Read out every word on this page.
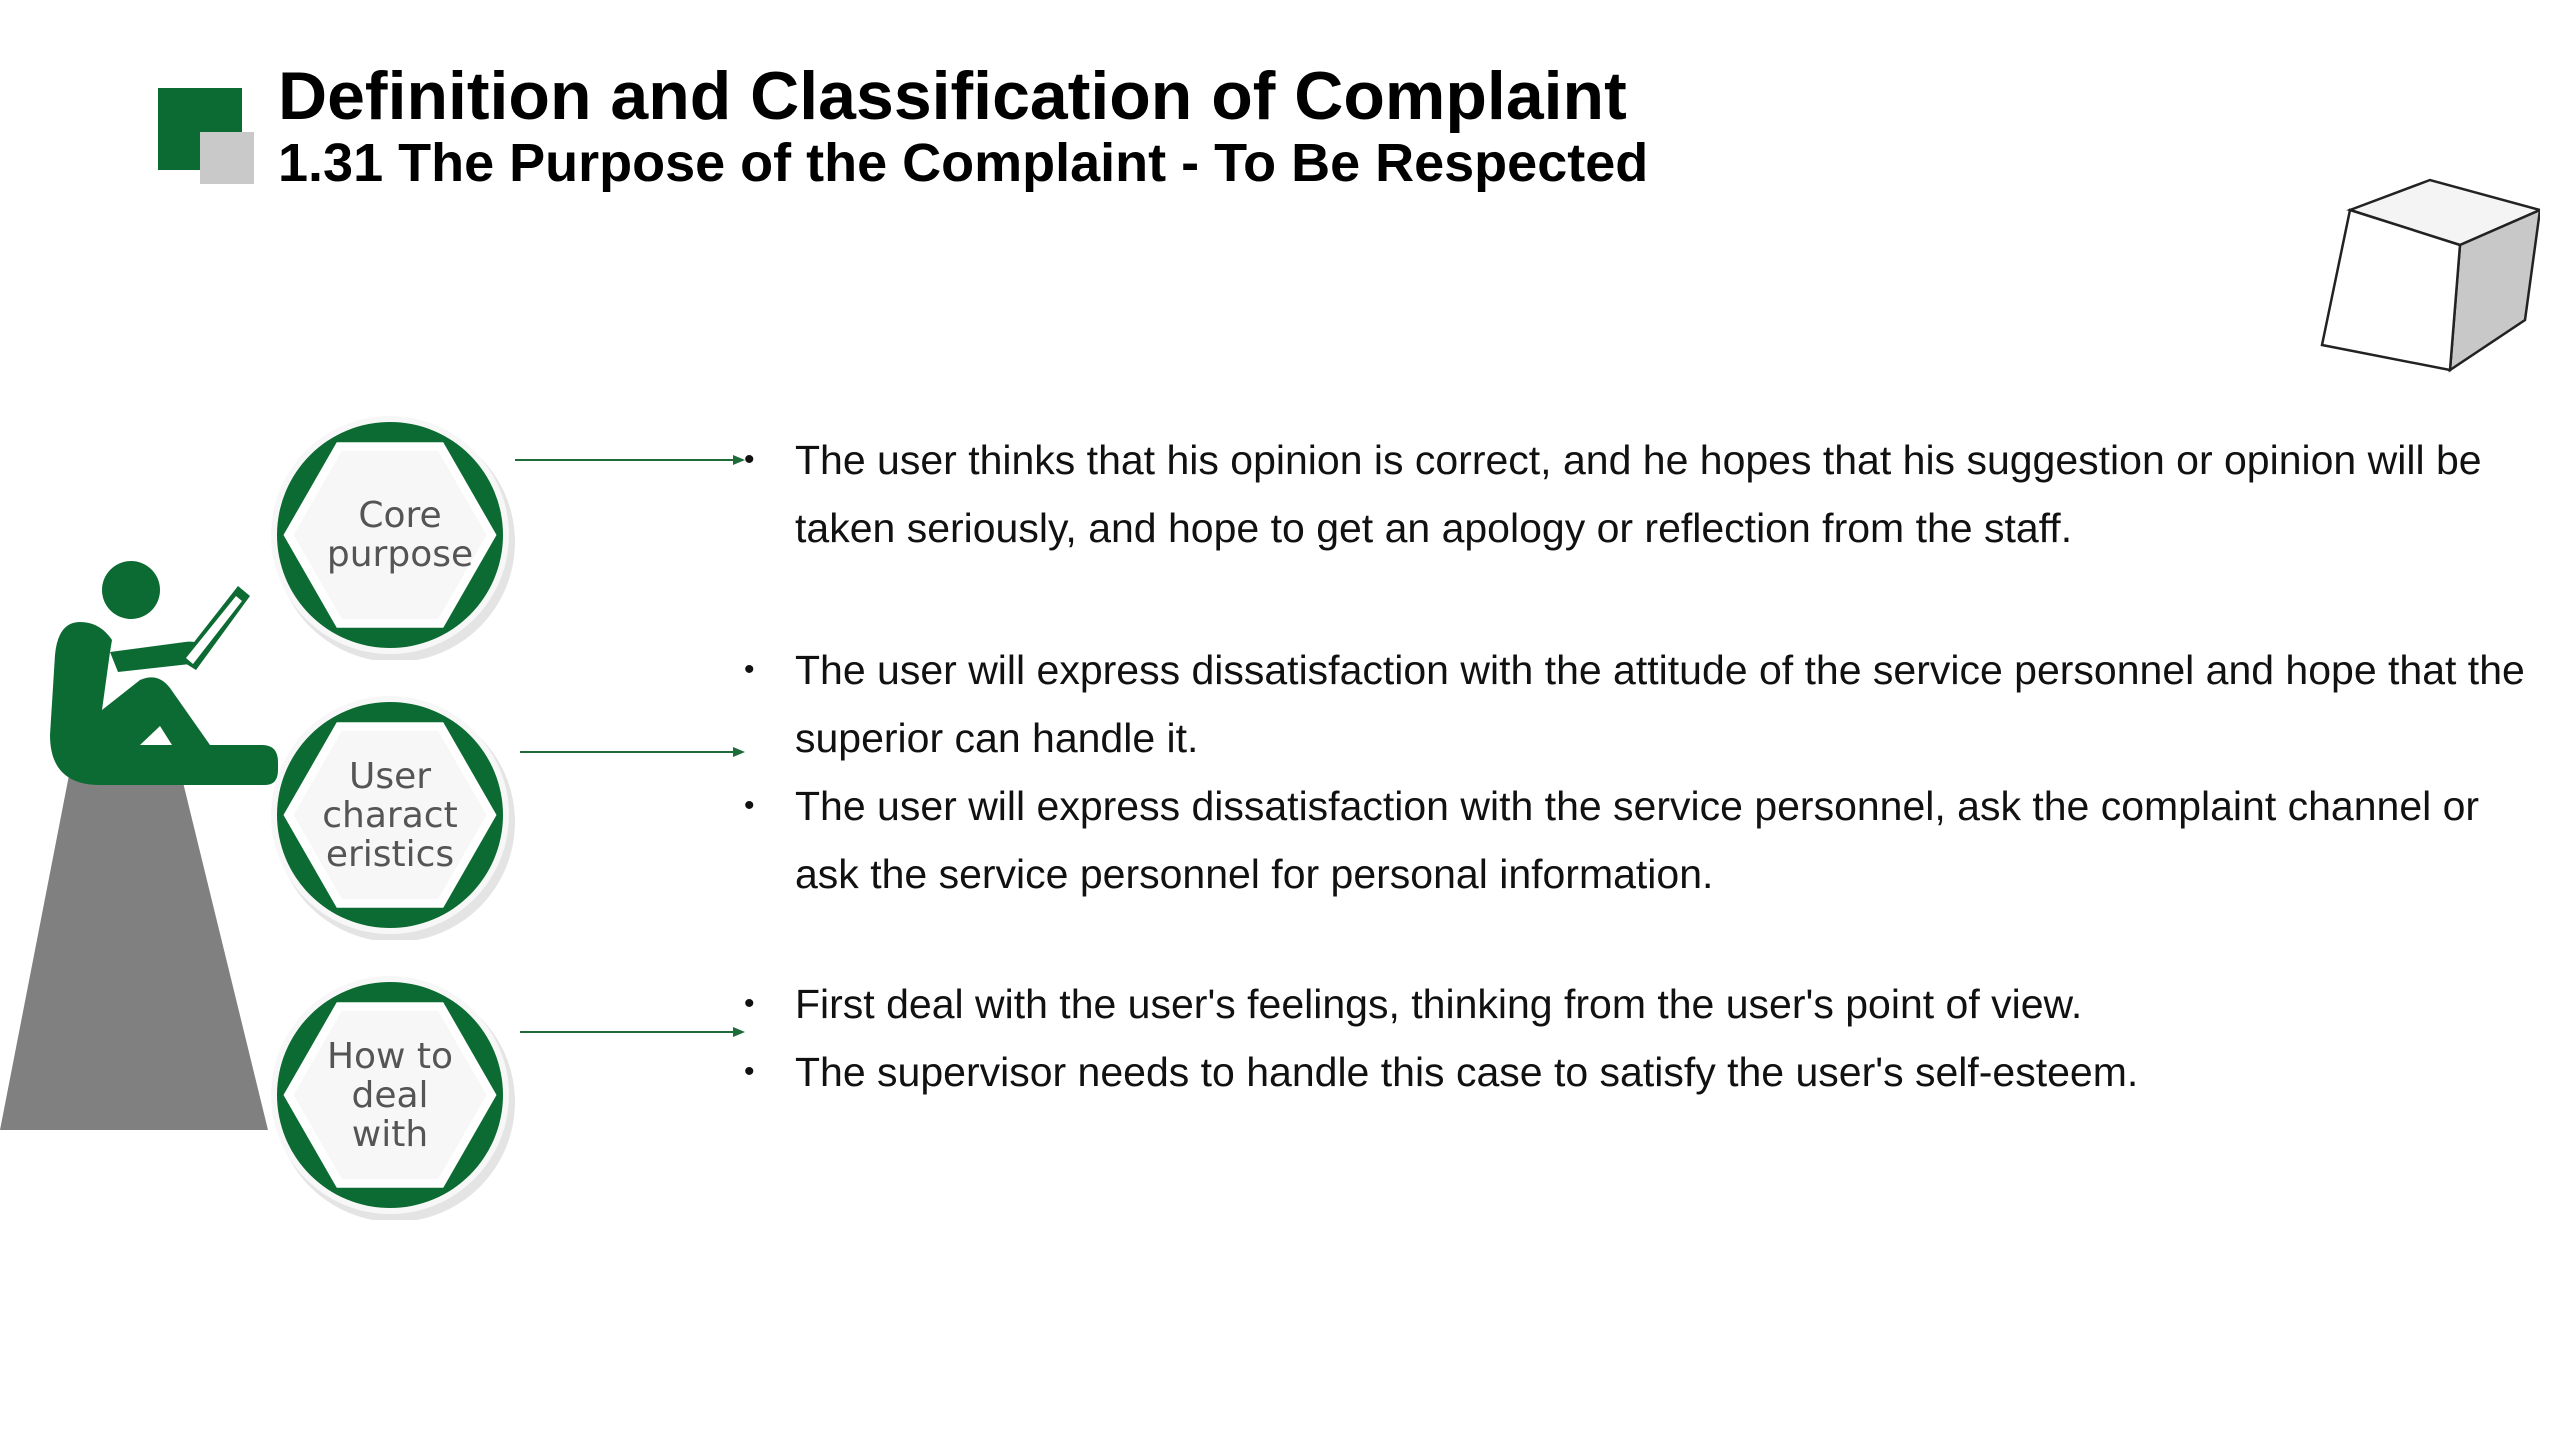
Definition and Classification of Complaint
1.31 The Purpose of the Complaint - To Be Respected
Core purpose
User charact eristics
How to deal with
• The user thinks that his opinion is correct, and he hopes that his suggestion or opinion will be taken seriously, and hope to get an apology or reflection from the staff.
• The user will express dissatisfaction with the attitude of the service personnel and hope that the superior can handle it.
• The user will express dissatisfaction with the service personnel, ask the complaint channel or ask the service personnel for personal information.
• First deal with the user's feelings, thinking from the user's point of view.
• The supervisor needs to handle this case to satisfy the user's self-esteem.
